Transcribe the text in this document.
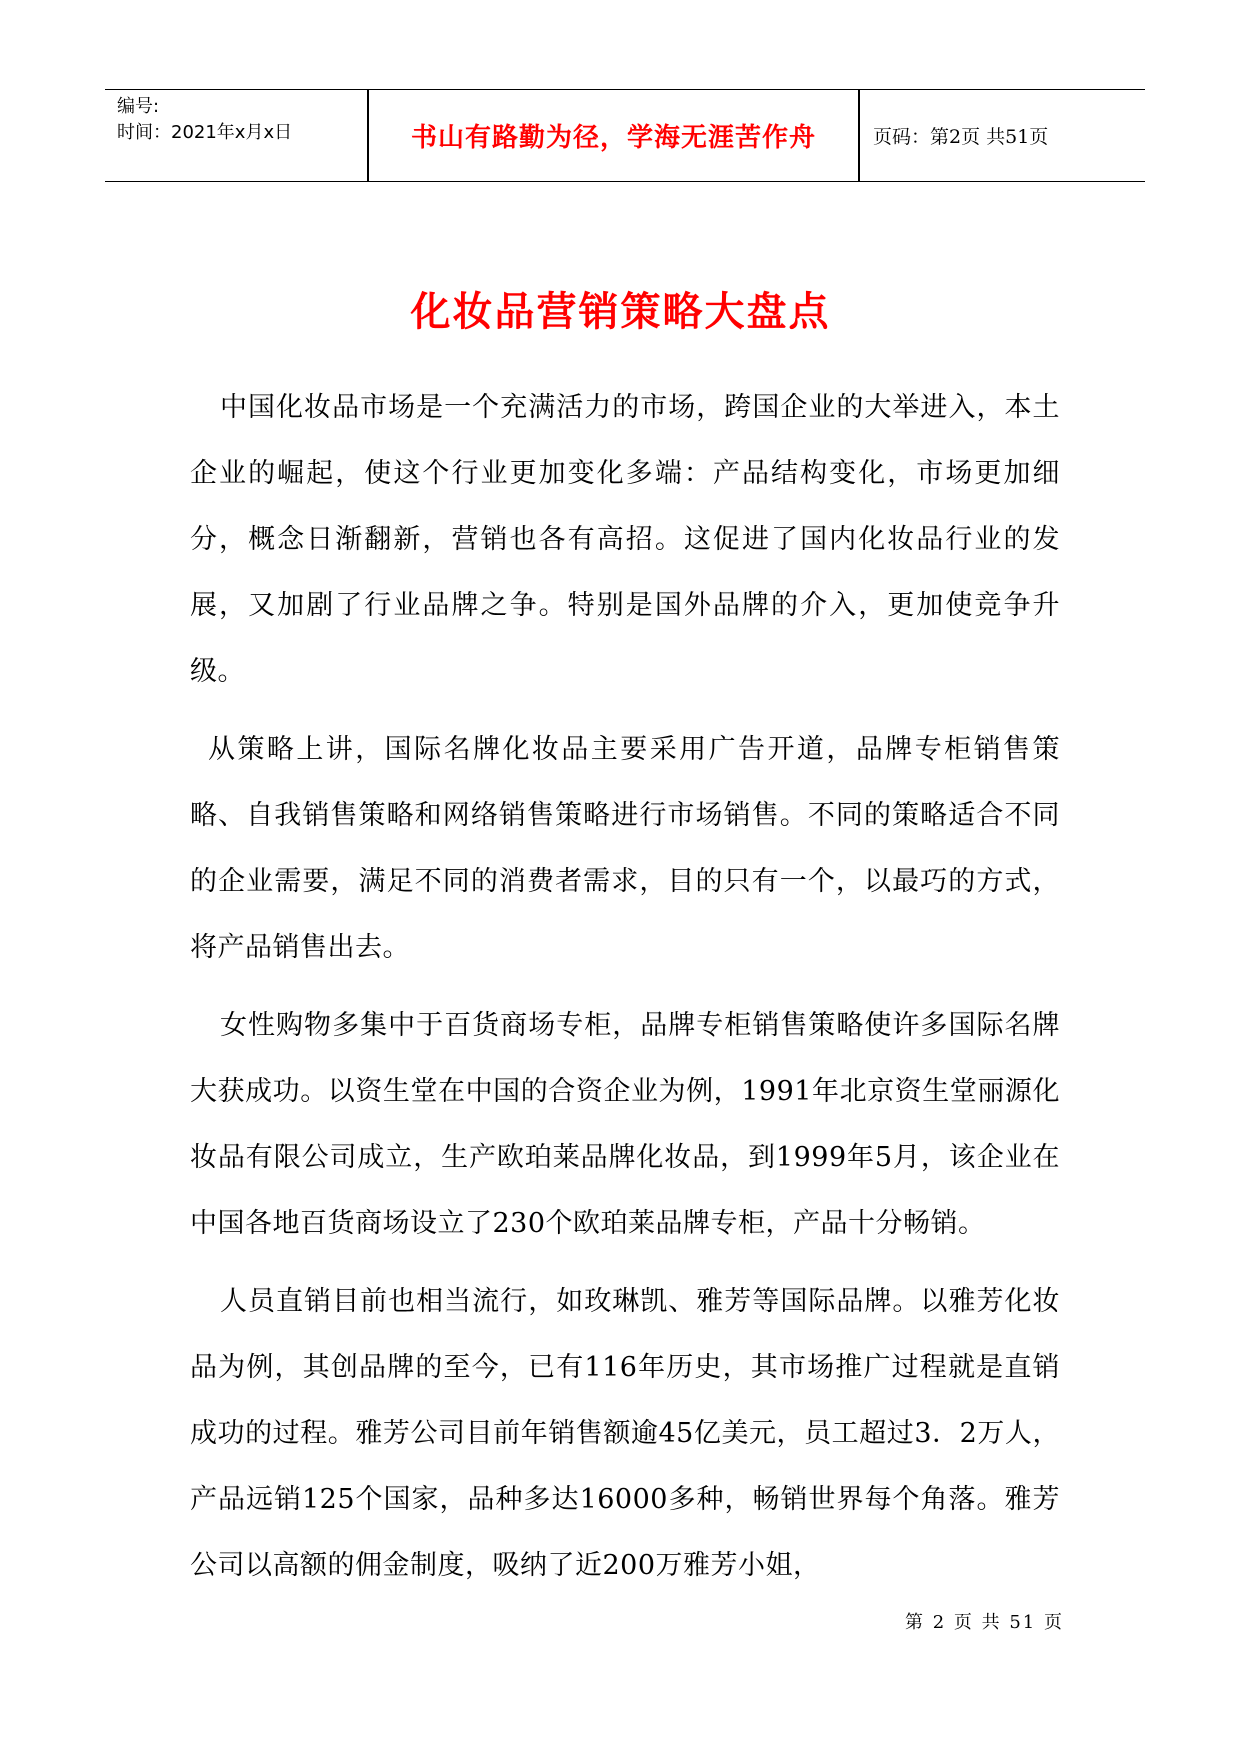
编号:
时间：2021年x月x日	书山有路勤为径，学海无涯苦作舟	页码：第2页 共51页
化妆品营销策略大盘点

中国化妆品市场是一个充满活力的市场，跨国企业的大举进入，本土企业的崛起，使这个行业更加变化多端：产品结构变化，市场更加细分，概念日渐翻新，营销也各有高招。这促进了国内化妆品行业的发展，又加剧了行业品牌之争。特别是国外品牌的介入，更加使竞争升级。

从策略上讲，国际名牌化妆品主要采用广告开道，品牌专柜销售策略、自我销售策略和网络销售策略进行市场销售。不同的策略适合不同的企业需要，满足不同的消费者需求，目的只有一个，以最巧的方式，将产品销售出去。

女性购物多集中于百货商场专柜，品牌专柜销售策略使许多国际名牌大获成功。以资生堂在中国的合资企业为例，1991年北京资生堂丽源化妆品有限公司成立，生产欧珀莱品牌化妆品，到1999年5月，该企业在中国各地百货商场设立了230个欧珀莱品牌专柜，产品十分畅销。

人员直销目前也相当流行，如玫琳凯、雅芳等国际品牌。以雅芳化妆品为例，其创品牌的至今，已有116年历史，其市场推广过程就是直销成功的过程。雅芳公司目前年销售额逾45亿美元，员工超过3．2万人，产品远销125个国家，品种多达16000多种，畅销世界每个角落。雅芳公司以高额的佣金制度，吸纳了近200万雅芳小姐，

第 2 页 共 51 页
